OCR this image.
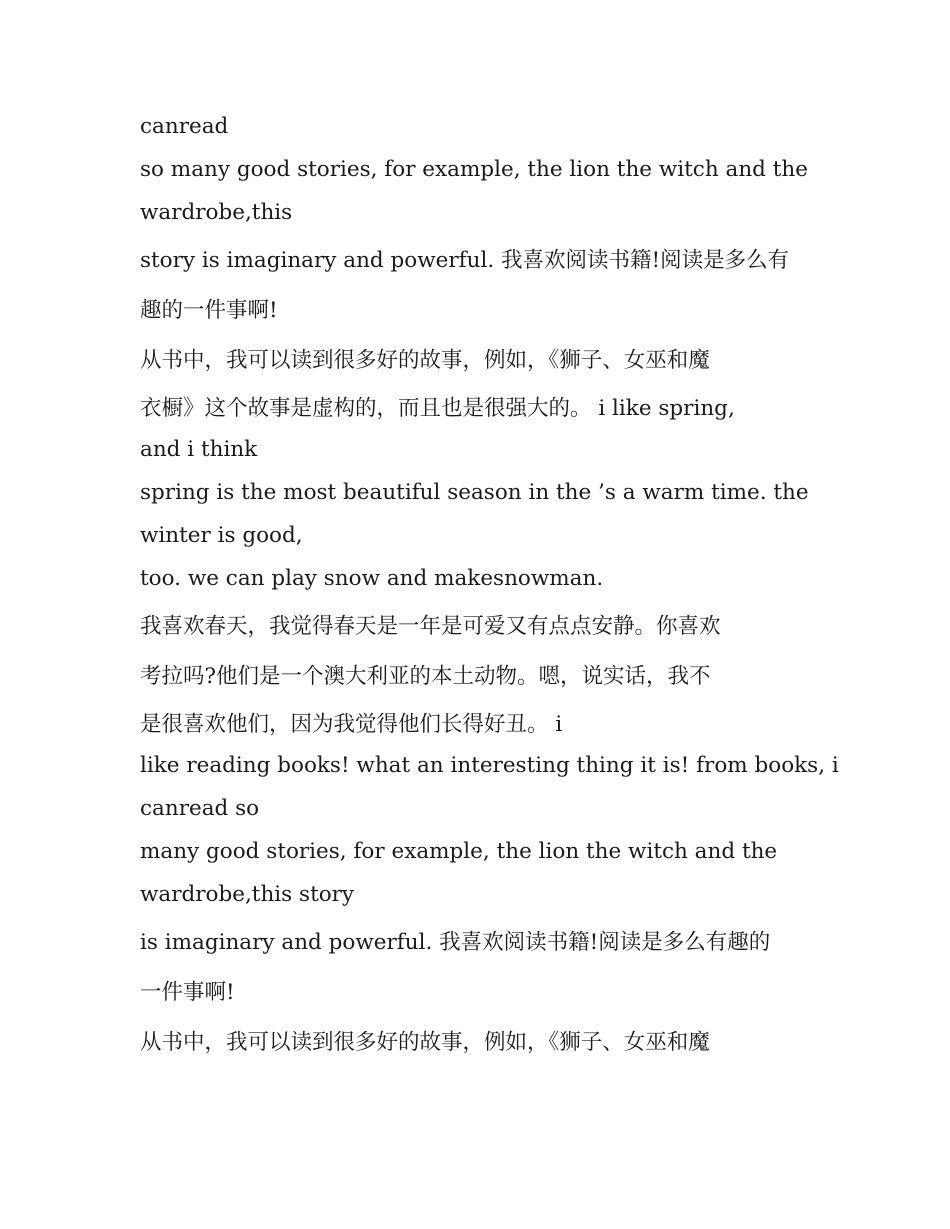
canread

so many good stories, for example, the lion the witch and the

wardrobe,this

story is imaginary and powerful. 我喜欢阅读书籍!阅读是多么有

趣的一件事啊!

从书中，我可以读到很多好的故事，例如，《狮子、女巫和魔

衣橱》这个故事是虚构的，而且也是很强大的。 i like spring,

and i think

spring is the most beautiful season in the ’s a warm time. the

winter is good,

too. we can play snow and makesnowman.

我喜欢春天，我觉得春天是一年是可爱又有点点安静。你喜欢

考拉吗?他们是一个澳大利亚的本土动物。嗯，说实话，我不

是很喜欢他们，因为我觉得他们长得好丑。 i

like reading books! what an interesting thing it is! from books, i

canread so

many good stories, for example, the lion the witch and the

wardrobe,this story

is imaginary and powerful. 我喜欢阅读书籍!阅读是多么有趣的

一件事啊!

从书中，我可以读到很多好的故事，例如，《狮子、女巫和魔
